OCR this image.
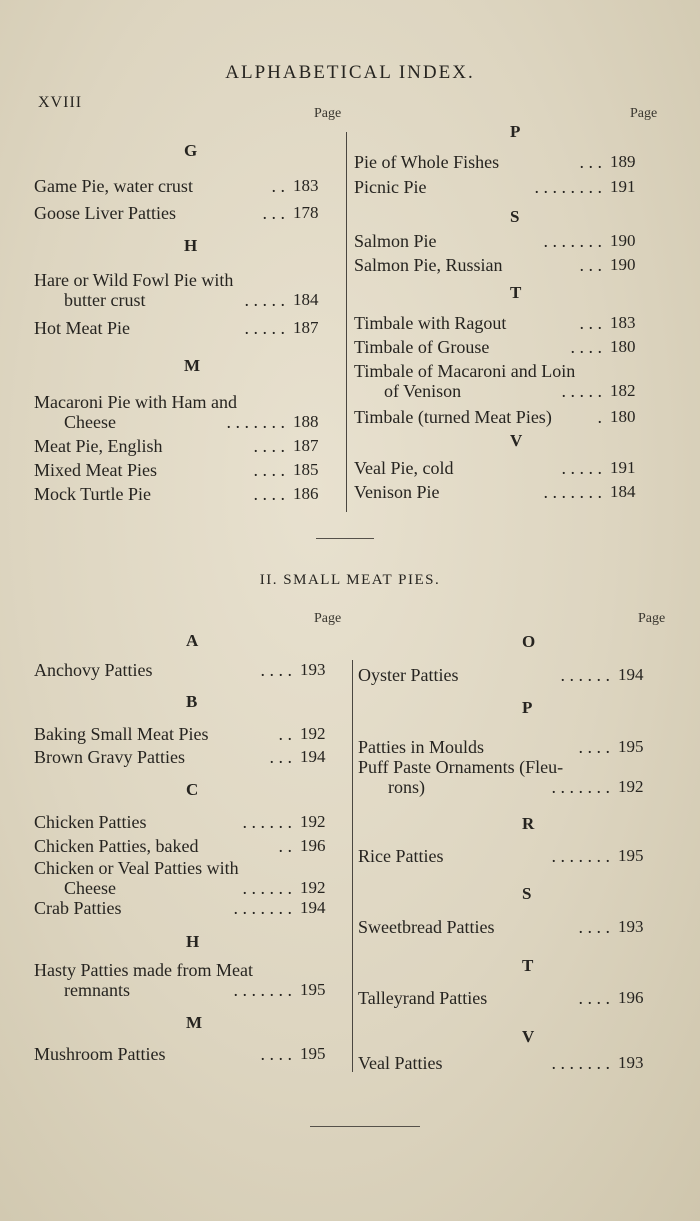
ALPHABETICAL INDEX.
XVIII
Page	Page
G
Game Pie, water crust	. . 183
Goose Liver Patties	. . . 178
H
Hare or Wild Fowl Pie with
butter crust	. . . . . 184
Hot Meat Pie	. . . . . 187
M
Macaroni Pie with Ham and
Cheese	. . . . . . . 188
Meat Pie, English	. . . . 187
Mixed Meat Pies	. . . . 185
Mock Turtle Pie	. . . . 186
P
Pie of Whole Fishes	. . . 189
Picnic Pie	. . . . . . . . 191
S
Salmon Pie	. . . . . . . 190
Salmon Pie, Russian	. . . 190
T
Timbale with Ragout	. . . 183
Timbale of Grouse	. . . . 180
Timbale of Macaroni and Loin
of Venison	. . . . . 182
Timbale (turned Meat Pies)	. 180
V
Veal Pie, cold	. . . . . 191
Venison Pie	. . . . . . . 184
II. SMALL MEAT PIES.
Page	Page
A
Anchovy Patties	. . . . 193
B
Baking Small Meat Pies	. . 192
Brown Gravy Patties	. . . 194
C
Chicken Patties	. . . . . . 192
Chicken Patties, baked	. . 196
Chicken or Veal Patties with
Cheese	. . . . . . 192
Crab Patties	. . . . . . . 194
H
Hasty Patties made from Meat
remnants	. . . . . . . 195
M
Mushroom Patties	. . . . 195
O
Oyster Patties	. . . . . . 194
P
Patties in Moulds	. . . . 195
Puff Paste Ornaments (Fleu-
rons)	. . . . . . . 192
R
Rice Patties	. . . . . . . 195
S
Sweetbread Patties	. . . . 193
T
Talleyrand Patties	. . . . 196
V
Veal Patties	. . . . . . . 193
